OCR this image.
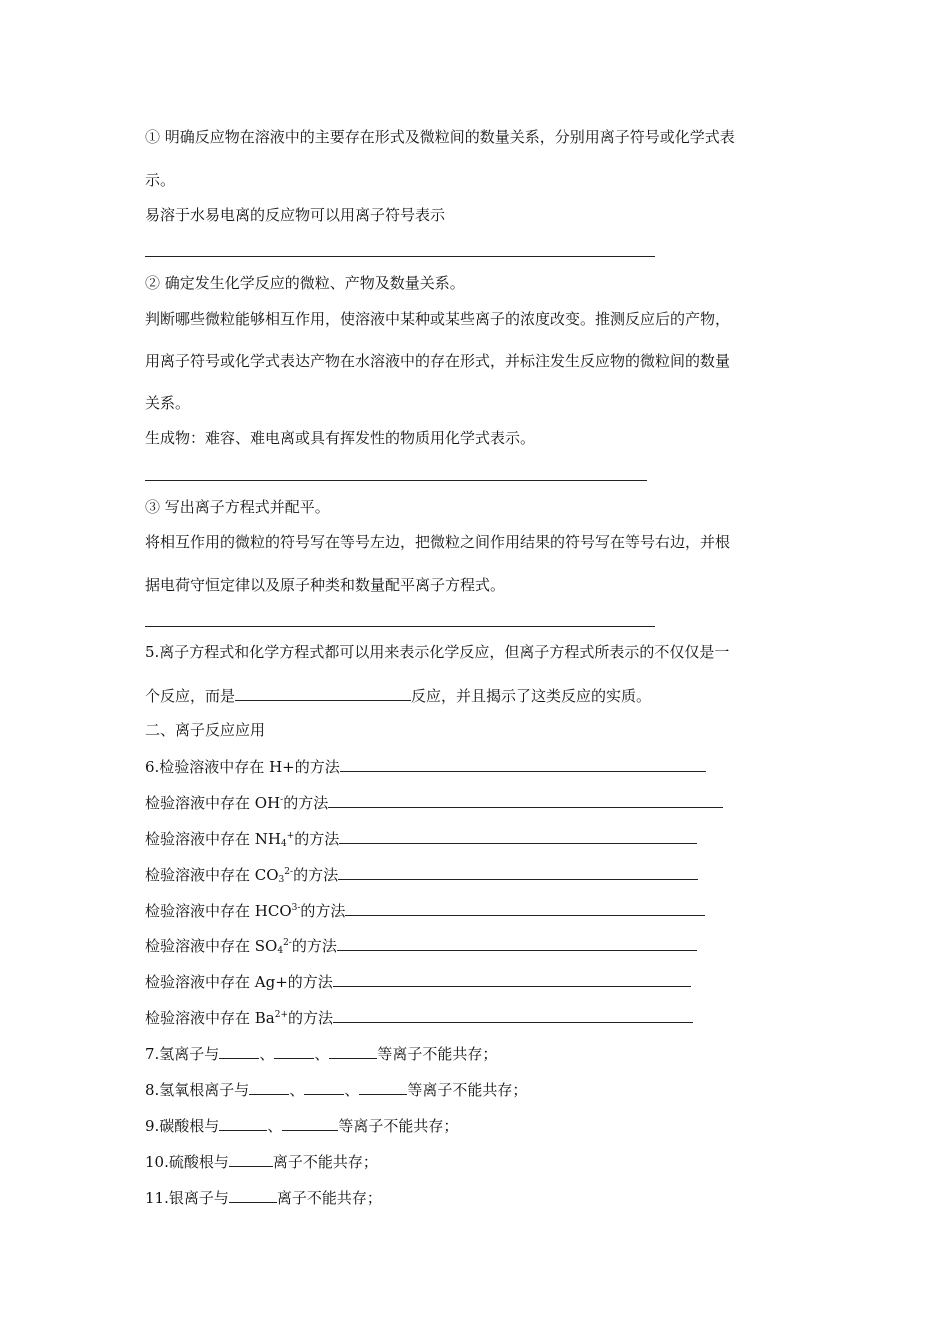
① 明确反应物在溶液中的主要存在形式及微粒间的数量关系，分别用离子符号或化学式表
示。
易溶于水易电离的反应物可以用离子符号表示
② 确定发生化学反应的微粒、产物及数量关系。
判断哪些微粒能够相互作用，使溶液中某种或某些离子的浓度改变。推测反应后的产物，
用离子符号或化学式表达产物在水溶液中的存在形式，并标注发生反应物的微粒间的数量
关系。
生成物：难容、难电离或具有挥发性的物质用化学式表示。
③ 写出离子方程式并配平。
将相互作用的微粒的符号写在等号左边，把微粒之间作用结果的符号写在等号右边，并根
据电荷守恒定律以及原子种类和数量配平离子方程式。
5.离子方程式和化学方程式都可以用来表示化学反应，但离子方程式所表示的不仅仅是一
个反应，而是	反应，并且揭示了这类反应的实质。
二、离子反应应用
6.检验溶液中存在 H+的方法
检验溶液中存在 OH-的方法
检验溶液中存在 $NH_4^+$的方法
检验溶液中存在 $CO_3^{2-}$的方法
检验溶液中存在 $HCO^{3-}$的方法
检验溶液中存在 $SO_4^{2-}$的方法
检验溶液中存在 Ag+的方法
检验溶液中存在 $Ba^{2+}$的方法
7.氢离子与	、	、	等离子不能共存；
8.氢氧根离子与	、	、	等离子不能共存；
9.碳酸根与	、	等离子不能共存；
10.硫酸根与	离子不能共存；
11.银离子与	离子不能共存；
